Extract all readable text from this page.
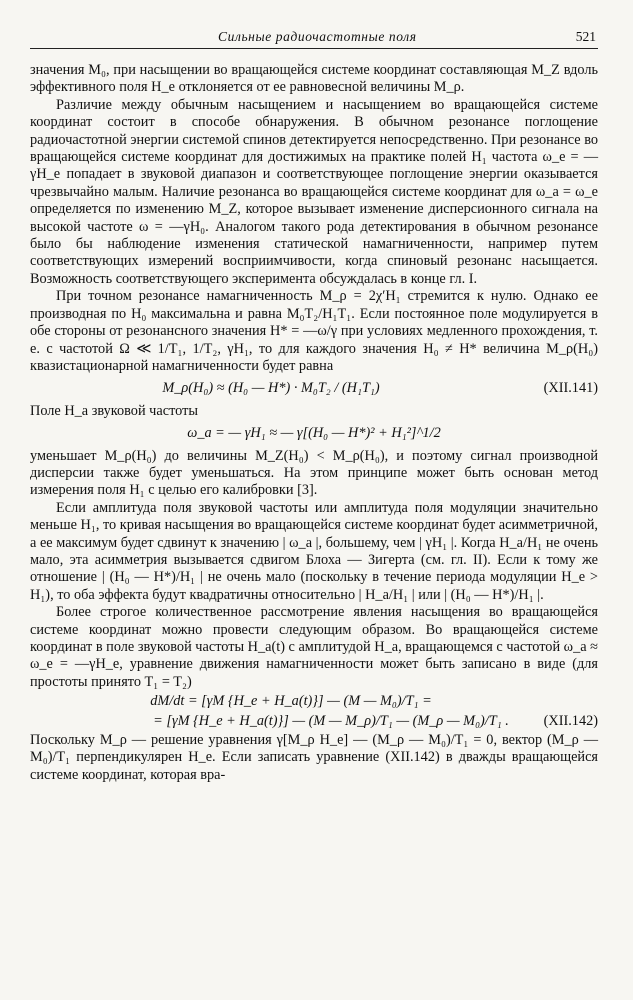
Сильные радиочастотные поля	521

значения M₀, при насыщении во вращающейся системе координат составляющая M_Z вдоль эффективного поля H_e отклоняется от ее равновесной величины M_ρ.

Различие между обычным насыщением и насыщением во вращающейся системе координат состоит в способе обнаружения. В обычном резонансе поглощение радиочастотной энергии системой спинов детектируется непосредственно. При резонансе во вращающейся системе координат для достижимых на практике полей H₁ частота ω_e = —γH_e попадает в звуковой диапазон и соответствующее поглощение энергии оказывается чрезвычайно малым. Наличие резонанса во вращающейся системе координат для ω_a = ω_e определяется по изменению M_Z, которое вызывает изменение дисперсионного сигнала на высокой частоте ω = —γH₀. Аналогом такого рода детектирования в обычном резонансе было бы наблюдение изменения статической намагниченности, например путем соответствующих измерений восприимчивости, когда спиновый резонанс насыщается. Возможность соответствующего эксперимента обсуждалась в конце гл. I.

При точном резонансе намагниченность M_ρ = 2χ′H₁ стремится к нулю. Однако ее производная по H₀ максимальна и равна M₀T₂/H₁T₁. Если постоянное поле модулируется в обе стороны от резонансного значения H* = —ω/γ при условиях медленного прохождения, т. е. с частотой Ω ≪ 1/T₁, 1/T₂, γH₁, то для каждого значения H₀ ≠ H* величина M_ρ(H₀) квазистационарной намагниченности будет равна

M_ρ(H₀) ≈ (H₀ — H*) · M₀T₂ / (H₁T₁)	(XII.141)

Поле H_a звуковой частоты

ω_a = — γH₁ ≈ — γ[(H₀ — H*)² + H₁²]^1/2

уменьшает M_ρ(H₀) до величины M_Z(H₀) < M_ρ(H₀), и поэтому сигнал производной дисперсии также будет уменьшаться. На этом принципе может быть основан метод измерения поля H₁ с целью его калибровки [3].

Если амплитуда поля звуковой частоты или амплитуда поля модуляции значительно меньше H₁, то кривая насыщения во вращающейся системе координат будет асимметричной, а ее максимум будет сдвинут к значению | ω_a |, большему, чем | γH₁ |. Когда H_a/H₁ не очень мало, эта асимметрия вызывается сдвигом Блоха — Зигерта (см. гл. II). Если к тому же отношение | (H₀ — H*)/H₁ | не очень мало (поскольку в течение периода модуляции H_e > H₁), то оба эффекта будут квадратичны относительно | H_a/H₁ | или | (H₀ — H*)/H₁ |.

Более строгое количественное рассмотрение явления насыщения во вращающейся системе координат можно провести следующим образом. Во вращающейся системе координат в поле звуковой частоты H_a(t) с амплитудой H_a, вращающемся с частотой ω_a ≈ ω_e = —γH_e, уравнение движения намагниченности может быть записано в виде (для простоты принято T₁ = T₂)

dM/dt = [γM {H_e + H_a(t)}] — (M — M₀)/T₁ =
= [γM {H_e + H_a(t)}] — (M — M_ρ)/T₁ — (M_ρ — M₀)/T₁ .	(XII.142)

Поскольку M_ρ — решение уравнения γ[M_ρ H_e] — (M_ρ — M₀)/T₁ = 0, вектор (M_ρ — M₀)/T₁ перпендикулярен H_e. Если записать уравнение (XII.142) в дважды вращающейся системе координат, которая вра-
